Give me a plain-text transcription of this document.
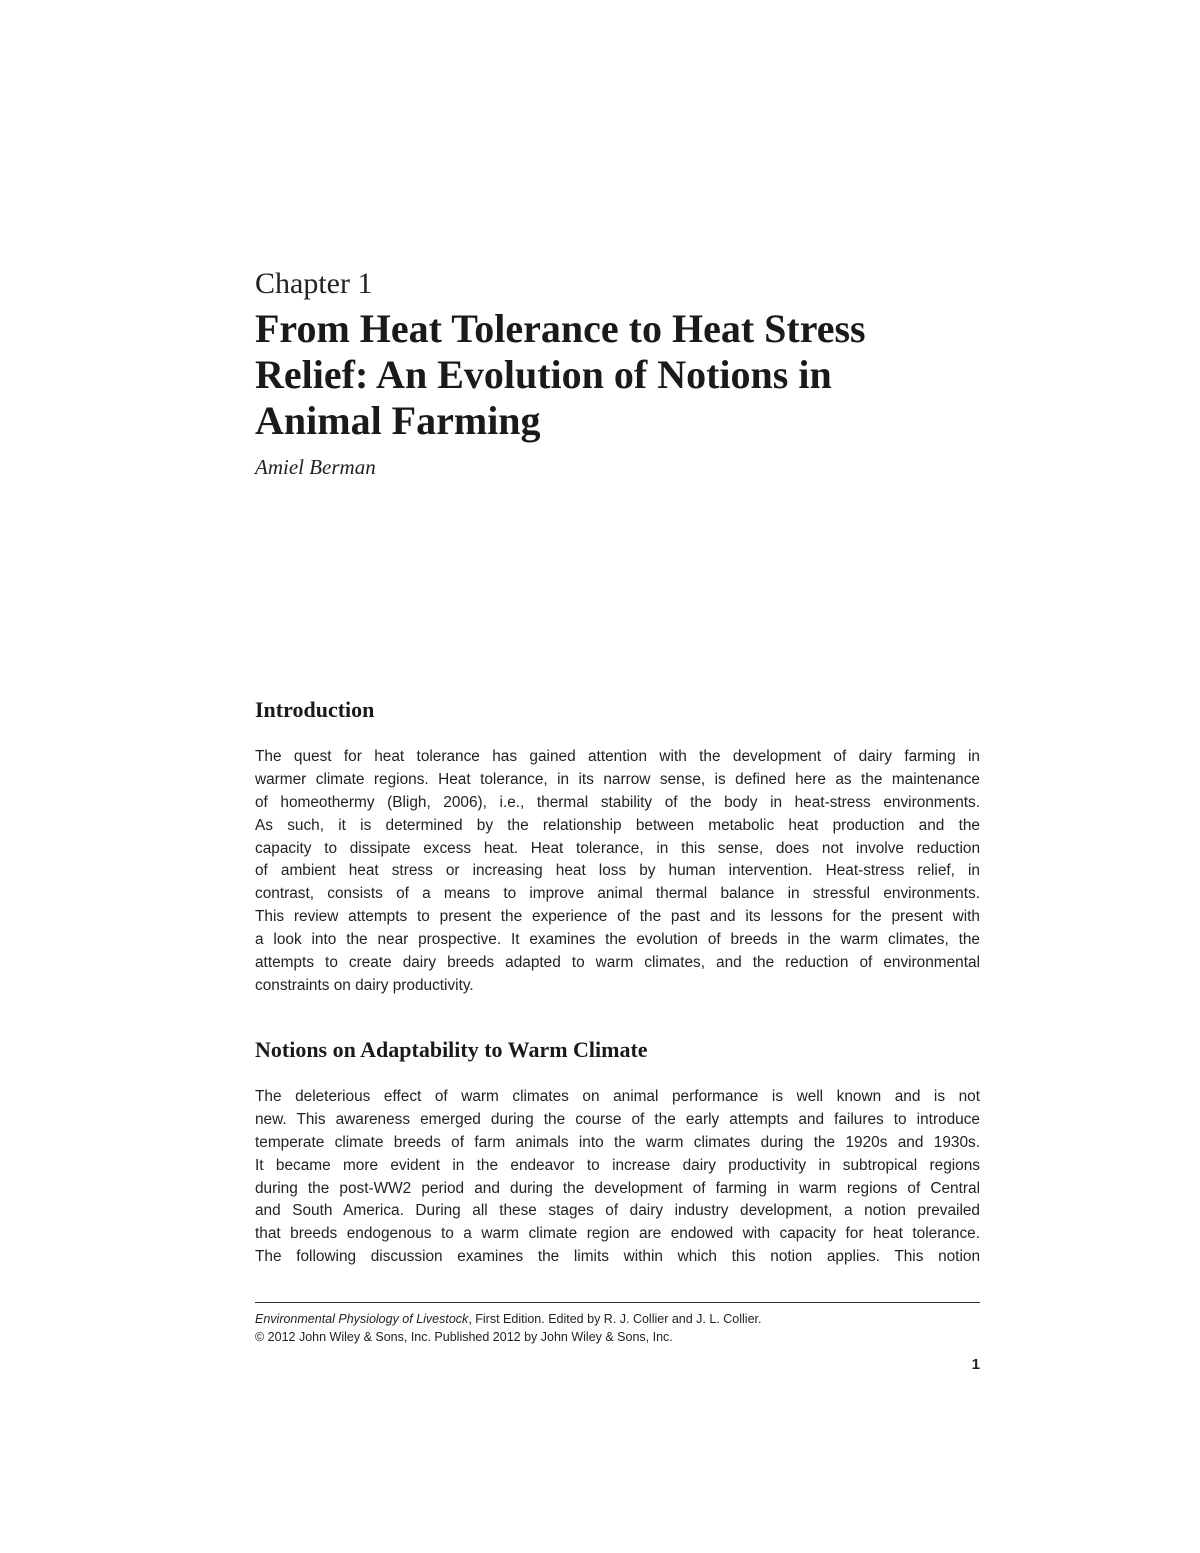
Chapter 1
From Heat Tolerance to Heat Stress
Relief: An Evolution of Notions in
Animal Farming
Amiel Berman
Introduction
The quest for heat tolerance has gained attention with the development of dairy farming in
warmer climate regions. Heat tolerance, in its narrow sense, is defined here as the maintenance
of homeothermy (Bligh, 2006), i.e., thermal stability of the body in heat-stress environments.
As such, it is determined by the relationship between metabolic heat production and the
capacity to dissipate excess heat. Heat tolerance, in this sense, does not involve reduction
of ambient heat stress or increasing heat loss by human intervention. Heat-stress relief, in
contrast, consists of a means to improve animal thermal balance in stressful environments.
This review attempts to present the experience of the past and its lessons for the present with
a look into the near prospective. It examines the evolution of breeds in the warm climates, the
attempts to create dairy breeds adapted to warm climates, and the reduction of environmental
constraints on dairy productivity.
Notions on Adaptability to Warm Climate
The deleterious effect of warm climates on animal performance is well known and is not
new. This awareness emerged during the course of the early attempts and failures to introduce
temperate climate breeds of farm animals into the warm climates during the 1920s and 1930s.
It became more evident in the endeavor to increase dairy productivity in subtropical regions
during the post-WW2 period and during the development of farming in warm regions of Central
and South America. During all these stages of dairy industry development, a notion prevailed
that breeds endogenous to a warm climate region are endowed with capacity for heat tolerance.
The following discussion examines the limits within which this notion applies. This notion
Environmental Physiology of Livestock, First Edition. Edited by R. J. Collier and J. L. Collier.
© 2012 John Wiley & Sons, Inc. Published 2012 by John Wiley & Sons, Inc.
1
